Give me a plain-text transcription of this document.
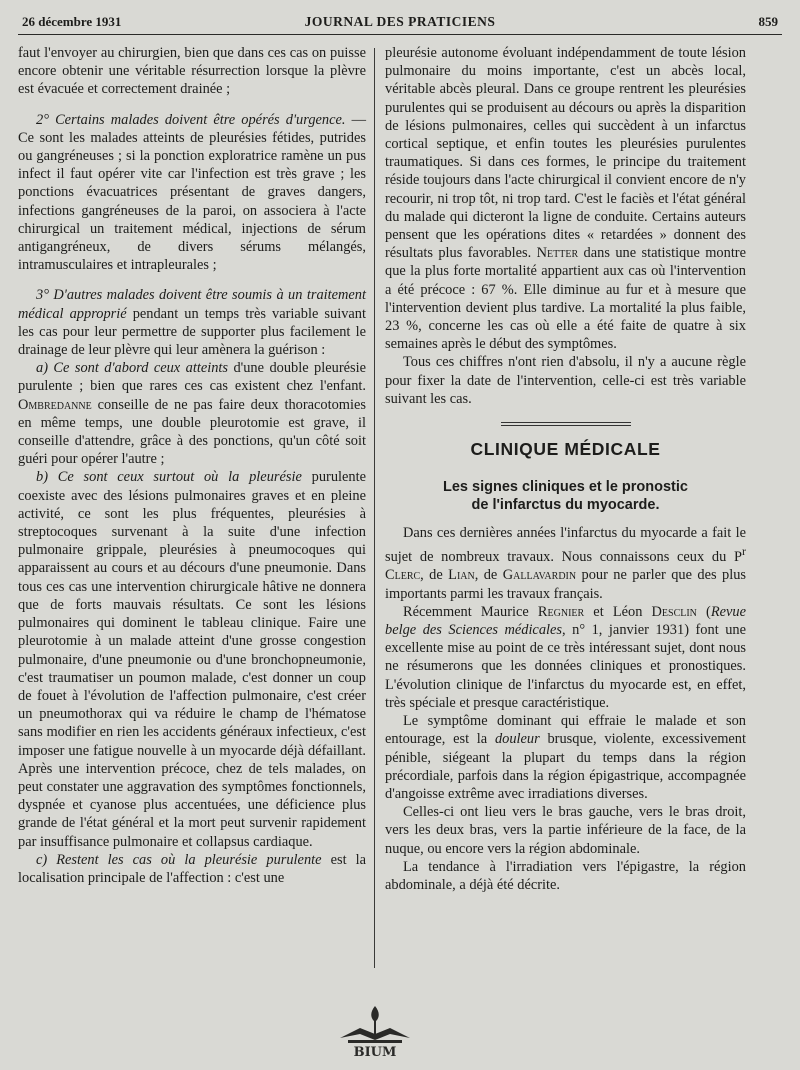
26 décembre 1931	JOURNAL DES PRATICIENS	859

faut l'envoyer au chirurgien, bien que dans ces cas on puisse encore obtenir une véritable résurrection lorsque la plèvre est évacuée et correctement drainée ;

2° Certains malades doivent être opérés d'urgence. — Ce sont les malades atteints de pleurésies fétides, putrides ou gangréneuses ; si la ponction exploratrice ramène un pus infect il faut opérer vite car l'infection est très grave ; les ponctions évacuatrices présentant de graves dangers, infections gangréneuses de la paroi, on associera à l'acte chirurgical un traitement médical, injections de sérum antigangréneux, de divers sérums mélangés, intramusculaires et intrapleurales ;

3° D'autres malades doivent être soumis à un traitement médical approprié pendant un temps très variable suivant les cas pour leur permettre de supporter plus facilement le drainage de leur plèvre qui leur amènera la guérison :

a) Ce sont d'abord ceux atteints d'une double pleurésie purulente ; bien que rares ces cas existent chez l'enfant. Ombredanne conseille de ne pas faire deux thoracotomies en même temps, une double pleurotomie est grave, il conseille d'attendre, grâce à des ponctions, qu'un côté soit guéri pour opérer l'autre ;

b) Ce sont ceux surtout où la pleurésie purulente coexiste avec des lésions pulmonaires graves et en pleine activité, ce sont les plus fréquentes, pleurésies à streptocoques survenant à la suite d'une infection pulmonaire grippale, pleurésies à pneumocoques qui apparaissent au cours et au décours d'une pneumonie. Dans tous ces cas une intervention chirurgicale hâtive ne donnera que de forts mauvais résultats. Ce sont les lésions pulmonaires qui dominent le tableau clinique. Faire une pleurotomie à un malade atteint d'une grosse congestion pulmonaire, d'une pneumonie ou d'une bronchopneumonie, c'est traumatiser un poumon malade, c'est donner un coup de fouet à l'évolution de l'affection pulmonaire, c'est créer un pneumothorax qui va réduire le champ de l'hématose sans modifier en rien les accidents généraux infectieux, c'est imposer une fatigue nouvelle à un myocarde déjà défaillant. Après une intervention précoce, chez de tels malades, on peut constater une aggravation des symptômes fonctionnels, dyspnée et cyanose plus accentuées, une déficience plus grande de l'état général et la mort peut survenir rapidement par insuffisance pulmonaire et collapsus cardiaque.

c) Restent les cas où la pleurésie purulente est la localisation principale de l'affection : c'est une

pleurésie autonome évoluant indépendamment de toute lésion pulmonaire du moins importante, c'est un abcès local, véritable abcès pleural. Dans ce groupe rentrent les pleurésies purulentes qui se produisent au décours ou après la disparition de lésions pulmonaires, celles qui succèdent à un infarctus cortical septique, et enfin toutes les pleurésies purulentes traumatiques. Si dans ces formes, le principe du traitement réside toujours dans l'acte chirurgical il convient encore de n'y recourir, ni trop tôt, ni trop tard. C'est le faciès et l'état général du malade qui dicteront la ligne de conduite. Certains auteurs pensent que les opérations dites « retardées » donnent des résultats plus favorables. Netter dans une statistique montre que la plus forte mortalité appartient aux cas où l'intervention a été précoce : 67 %. Elle diminue au fur et à mesure que l'intervention devient plus tardive. La mortalité la plus faible, 23 %, concerne les cas où elle a été faite de quatre à six semaines après le début des symptômes.

Tous ces chiffres n'ont rien d'absolu, il n'y a aucune règle pour fixer la date de l'intervention, celle-ci est très variable suivant les cas.

CLINIQUE MÉDICALE
Les signes cliniques et le pronostic
de l'infarctus du myocarde.

Dans ces dernières années l'infarctus du myocarde a fait le sujet de nombreux travaux. Nous connaissons ceux du $P^r$ Clerc, de Lian, de Gallavardin pour ne parler que des plus importants parmi les travaux français.

Récemment Maurice Regnier et Léon Desclin (Revue belge des Sciences médicales, n° 1, janvier 1931) font une excellente mise au point de ce très intéressant sujet, dont nous ne résumerons que les données cliniques et pronostiques. L'évolution clinique de l'infarctus du myocarde est, en effet, très spéciale et presque caractéristique.

Le symptôme dominant qui effraie le malade et son entourage, est la douleur brusque, violente, excessivement pénible, siégeant la plupart du temps dans la région précordiale, parfois dans la région épigastrique, accompagnée d'angoisse extrême avec irradiations diverses.

Celles-ci ont lieu vers le bras gauche, vers le bras droit, vers les deux bras, vers la partie inférieure de la face, de la nuque, ou encore vers la région abdominale.

La tendance à l'irradiation vers l'épigastre, la région abdominale, a déjà été décrite.

BIUM
